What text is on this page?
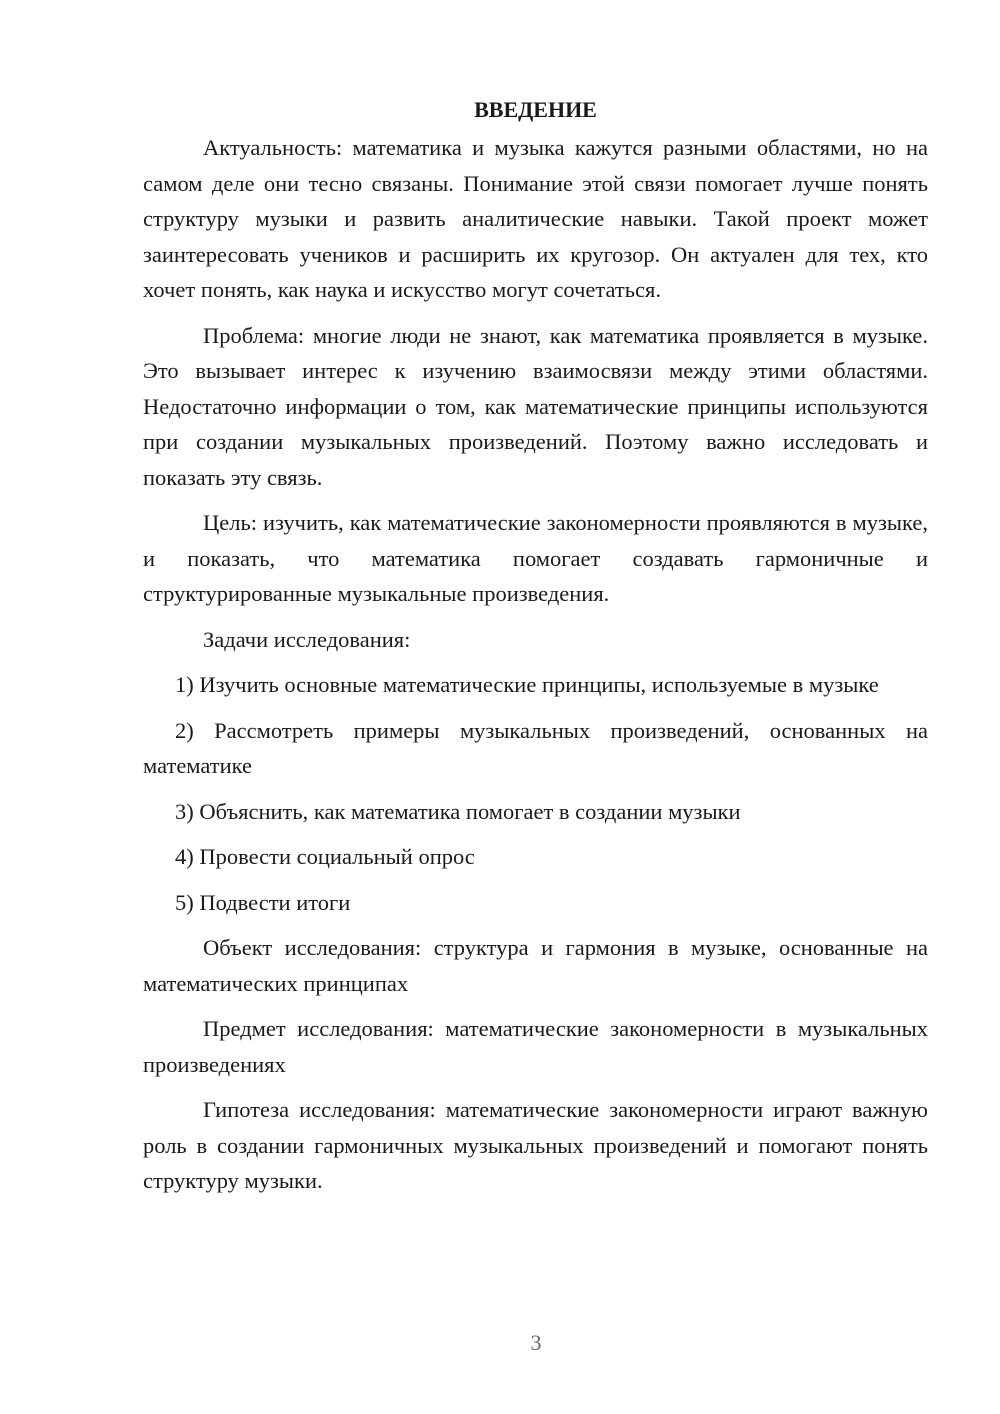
ВВЕДЕНИЕ

Актуальность: математика и музыка кажутся разными областями, но на самом деле они тесно связаны. Понимание этой связи помогает лучше понять структуру музыки и развить аналитические навыки. Такой проект может заинтересовать учеников и расширить их кругозор. Он актуален для тех, кто хочет понять, как наука и искусство могут сочетаться.

Проблема: многие люди не знают, как математика проявляется в музыке. Это вызывает интерес к изучению взаимосвязи между этими областями. Недостаточно информации о том, как математические принципы используются при создании музыкальных произведений. Поэтому важно исследовать и показать эту связь.

Цель: изучить, как математические закономерности проявляются в музыке, и показать, что математика помогает создавать гармоничные и структурированные музыкальные произведения.

Задачи исследования:

1) Изучить основные математические принципы, используемые в музыке

2) Рассмотреть примеры музыкальных произведений, основанных на математике

3) Объяснить, как математика помогает в создании музыки

4) Провести социальный опрос

5) Подвести итоги

Объект исследования: структура и гармония в музыке, основанные на математических принципах

Предмет исследования: математические закономерности в музыкальных произведениях

Гипотеза исследования: математические закономерности играют важную роль в создании гармоничных музыкальных произведений и помогают понять структуру музыки.

3
